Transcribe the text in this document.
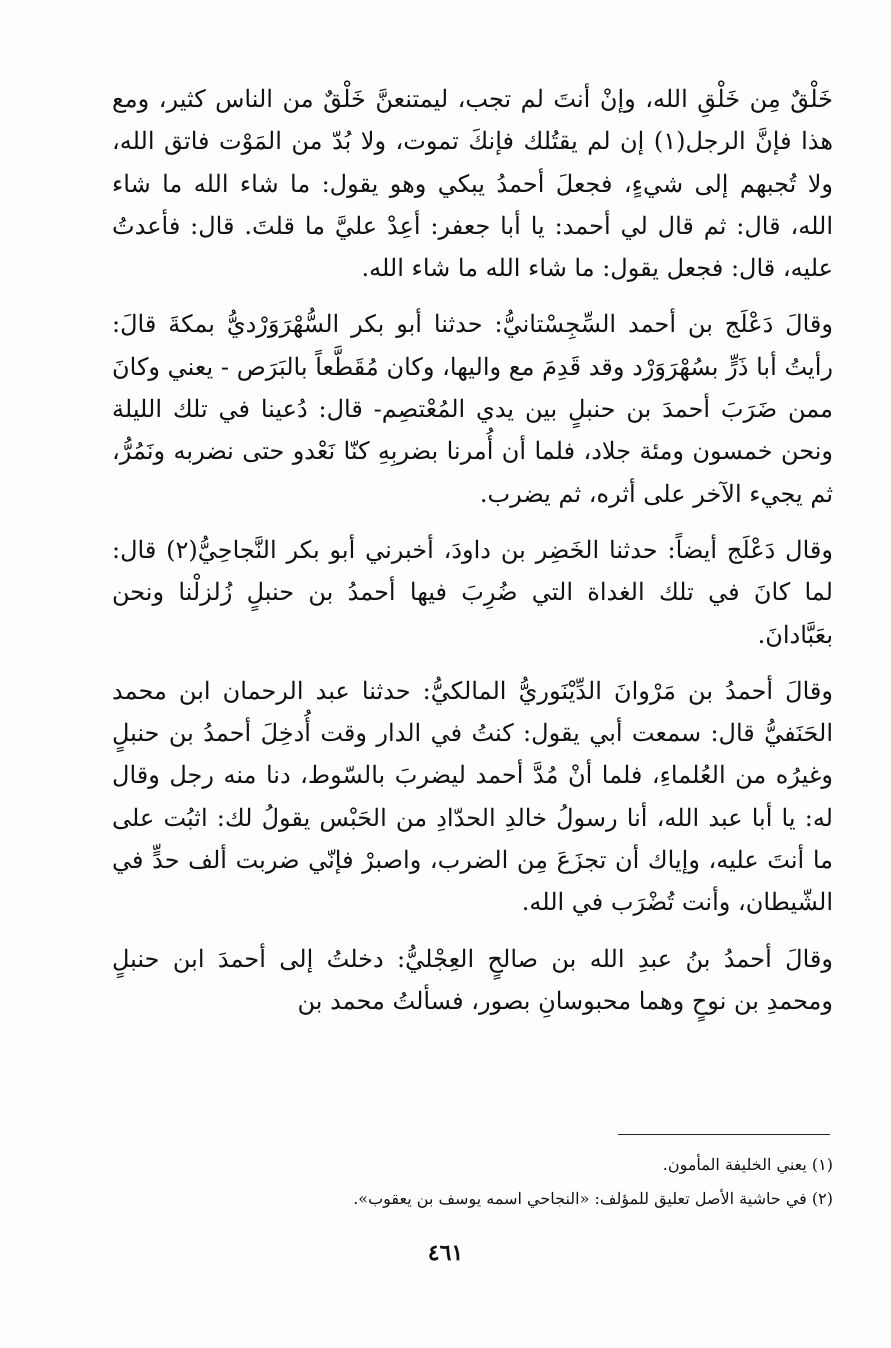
خَلْقٌ مِن خَلْقِ الله، وإنْ أنتَ لم تجب، ليمتنعنَّ خَلْقٌ من الناس كثير، ومع هذا فإنَّ الرجل(١) إن لم يقتُلك فإنكَ تموت، ولا بُدّ من المَوْت فاتق الله، ولا تُجبهم إلى شيءٍ، فجعلَ أحمدُ يبكي وهو يقول: ما شاء الله ما شاء الله، قال: ثم قال لي أحمد: يا أبا جعفر: أعِدْ عليَّ ما قلتَ. قال: فأعدتُ عليه، قال: فجعل يقول: ما شاء الله ما شاء الله.

وقالَ دَعْلَج بن أحمد السِّجِسْتانيُّ: حدثنا أبو بكر السُّهْرَوَرْديُّ بمكةَ قالَ: رأيتُ أبا ذَرٍّ بسُهْرَوَرْد وقد قَدِمَ مع واليها، وكان مُقَطَّعاً بالبَرَص - يعني وكانَ ممن ضَرَبَ أحمدَ بن حنبلٍ بين يدي المُعْتصِم- قال: دُعينا في تلك الليلة ونحن خمسون ومئة جلاد، فلما أن أُمرنا بضربِهِ كنّا نَعْدو حتى نضربه ونَمُرُّ، ثم يجيء الآخر على أثره، ثم يضرب.

وقال دَعْلَج أيضاً: حدثنا الخَضِر بن داودَ، أخبرني أبو بكر النَّجاحِيُّ(٢) قال: لما كانَ في تلك الغداة التي ضُرِبَ فيها أحمدُ بن حنبلٍ زُلزلْنا ونحن بعَبَّادانَ.

وقالَ أحمدُ بن مَرْوانَ الدِّيْنَوريُّ المالكيُّ: حدثنا عبد الرحمان ابن محمد الحَنَفيُّ قال: سمعت أبي يقول: كنتُ في الدار وقت أُدخِلَ أحمدُ بن حنبلٍ وغيرُه من العُلماءِ، فلما أنْ مُدَّ أحمد ليضربَ بالسّوط، دنا منه رجل وقال له: يا أبا عبد الله، أنا رسولُ خالدِ الحدّادِ من الحَبْس يقولُ لك: اثبُت على ما أنتَ عليه، وإياك أن تجزَعَ مِن الضرب، واصبرْ فإنّي ضربت ألف حدٍّ في الشّيطان، وأنت تُضْرَب في الله.

وقالَ أحمدُ بنُ عبدِ الله بن صالحٍ العِجْليُّ: دخلتُ إلى أحمدَ ابن حنبلٍ ومحمدِ بن نوحٍ وهما محبوسانِ بصور، فسألتُ محمد بن

(١) يعني الخليفة المأمون.

(٢) في حاشية الأصل تعليق للمؤلف: «النجاحي اسمه يوسف بن يعقوب».

٤٦١
